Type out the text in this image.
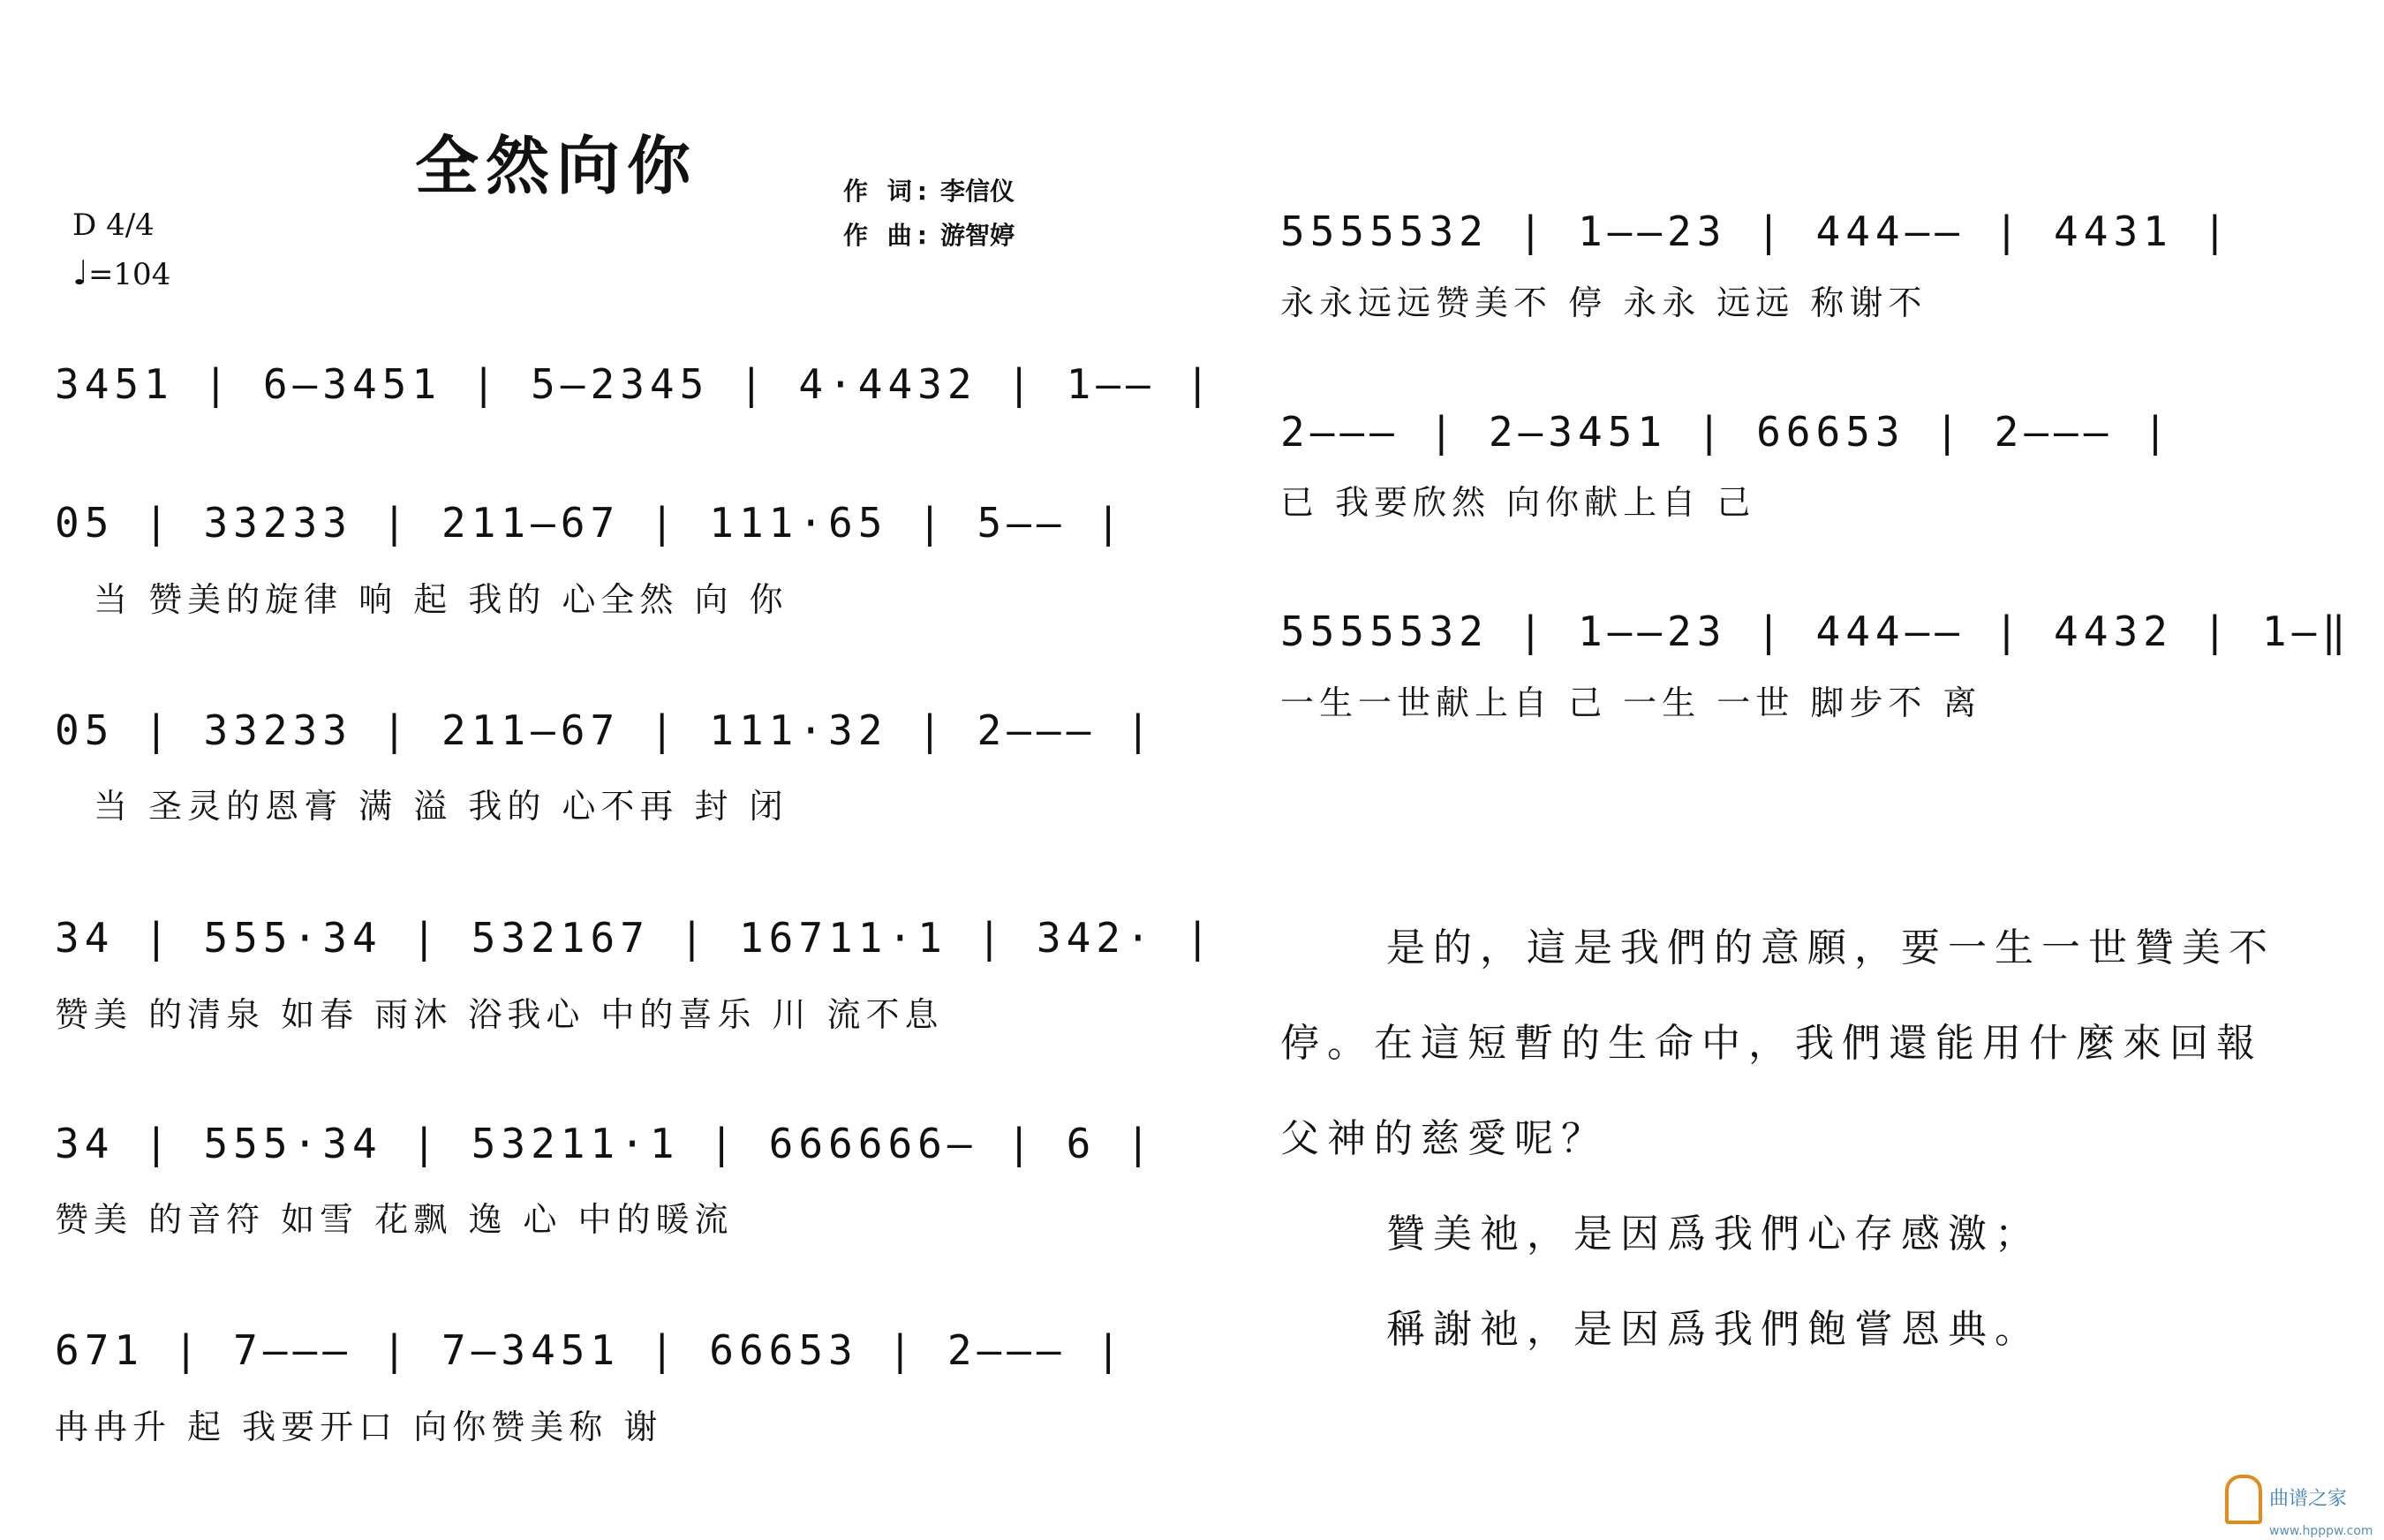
全然向你	作 词: 李信仪
作 曲: 游智婷
D 4/4
♩=104
3451 | 6–3451 | 5–2345 | 4·4432 | 1–– |
05 | 33233 | 211–67 | 111·65 | 5–– |
当 赞美的旋律 响 起 我的 心全然 向 你
05 | 33233 | 211–67 | 111·32 | 2––– |
当 圣灵的恩膏 满 溢 我的 心不再 封 闭
34 | 555·34 | 532167 | 16711·1 | 342· |
赞美 的清泉 如春 雨沐 浴我心 中的喜乐 川 流不息
34 | 555·34 | 53211·1 | 666666– | 6 |
赞美 的音符 如雪 花飘 逸 心 中的暖流
671 | 7––– | 7–3451 | 66653 | 2––– |
冉冉升 起 我要开口 向你赞美称 谢
5555532 | 1––23 | 444–– | 4431 |
永永远远赞美不 停 永永 远远 称谢不
2––– | 2–3451 | 66653 | 2––– |
已 我要欣然 向你献上自 己
5555532 | 1––23 | 444–– | 4432 | 1–‖
一生一世献上自 己 一生 一世 脚步不 离

是的，這是我們的意願，要一生一世贊美不停。在這短暫的生命中，我們還能用什麼來回報父神的慈愛呢？

贊美祂，是因爲我們心存感激；

稱謝祂，是因爲我們飽嘗恩典。

曲谱之家
www.hpppw.com
